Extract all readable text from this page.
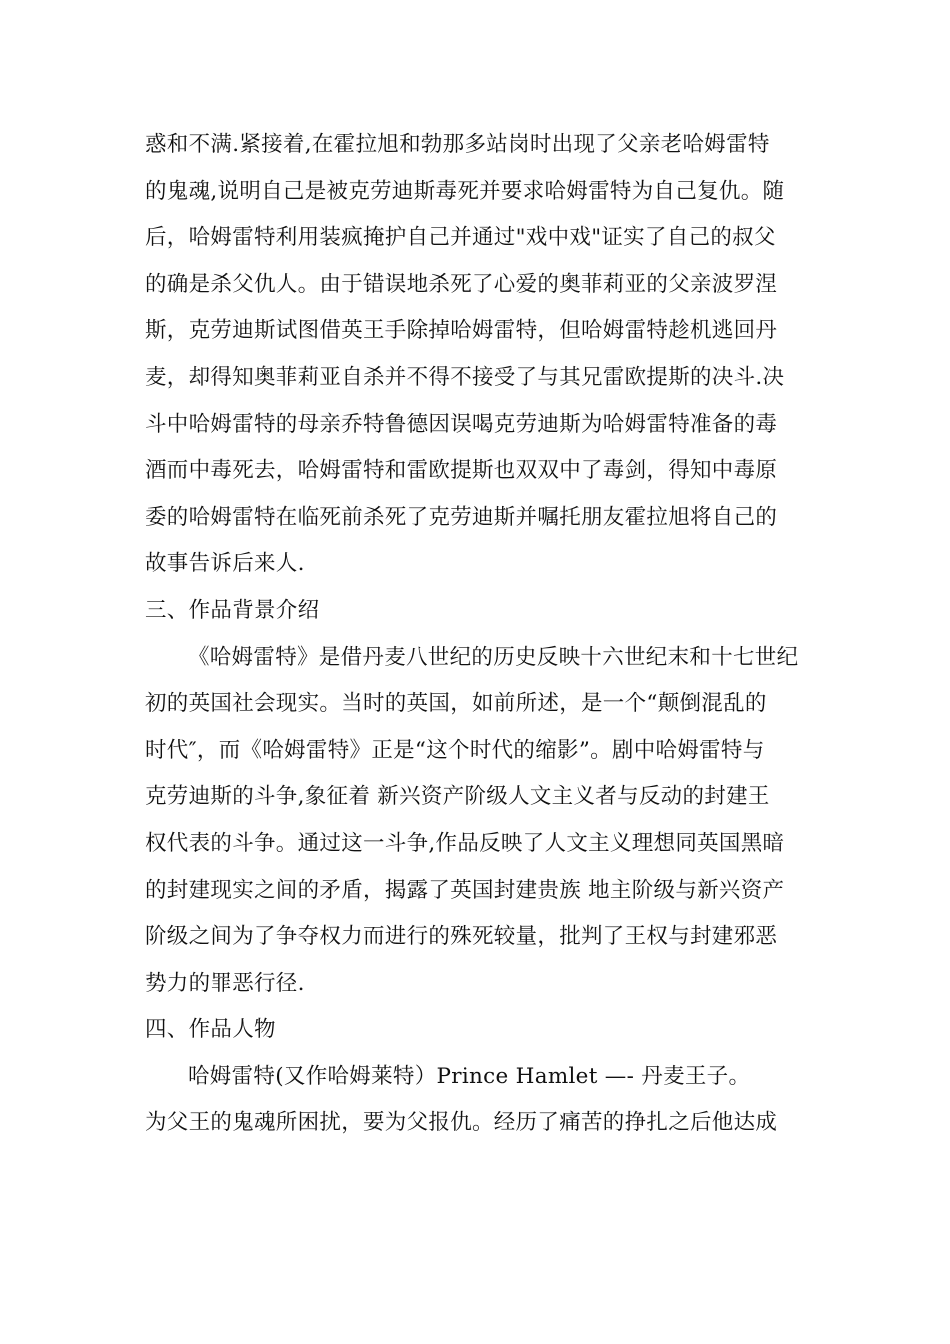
惑和不满.紧接着,在霍拉旭和勃那多站岗时出现了父亲老哈姆雷特
的鬼魂,说明自己是被克劳迪斯毒死并要求哈姆雷特为自己复仇。随
后，哈姆雷特利用装疯掩护自己并通过"戏中戏"证实了自己的叔父
的确是杀父仇人。由于错误地杀死了心爱的奥菲莉亚的父亲波罗涅
斯，克劳迪斯试图借英王手除掉哈姆雷特，但哈姆雷特趁机逃回丹
麦，却得知奥菲莉亚自杀并不得不接受了与其兄雷欧提斯的决斗.决
斗中哈姆雷特的母亲乔特鲁德因误喝克劳迪斯为哈姆雷特准备的毒
酒而中毒死去，哈姆雷特和雷欧提斯也双双中了毒剑，得知中毒原
委的哈姆雷特在临死前杀死了克劳迪斯并嘱托朋友霍拉旭将自己的
故事告诉后来人.
三、作品背景介绍
《哈姆雷特》是借丹麦八世纪的历史反映十六世纪末和十七世纪
初的英国社会现实。当时的英国，如前所述，是一个“颠倒混乱的
时代″，而《哈姆雷特》正是“这个时代的缩影”。剧中哈姆雷特与
克劳迪斯的斗争,象征着 新兴资产阶级人文主义者与反动的封建王
权代表的斗争。通过这一斗争,作品反映了人文主义理想同英国黑暗
的封建现实之间的矛盾，揭露了英国封建贵族 地主阶级与新兴资产
阶级之间为了争夺权力而进行的殊死较量，批判了王权与封建邪恶
势力的罪恶行径.
四、作品人物
哈姆雷特(又作哈姆莱特）Prince Hamlet —- 丹麦王子。
为父王的鬼魂所困扰，要为父报仇。经历了痛苦的挣扎之后他达成
